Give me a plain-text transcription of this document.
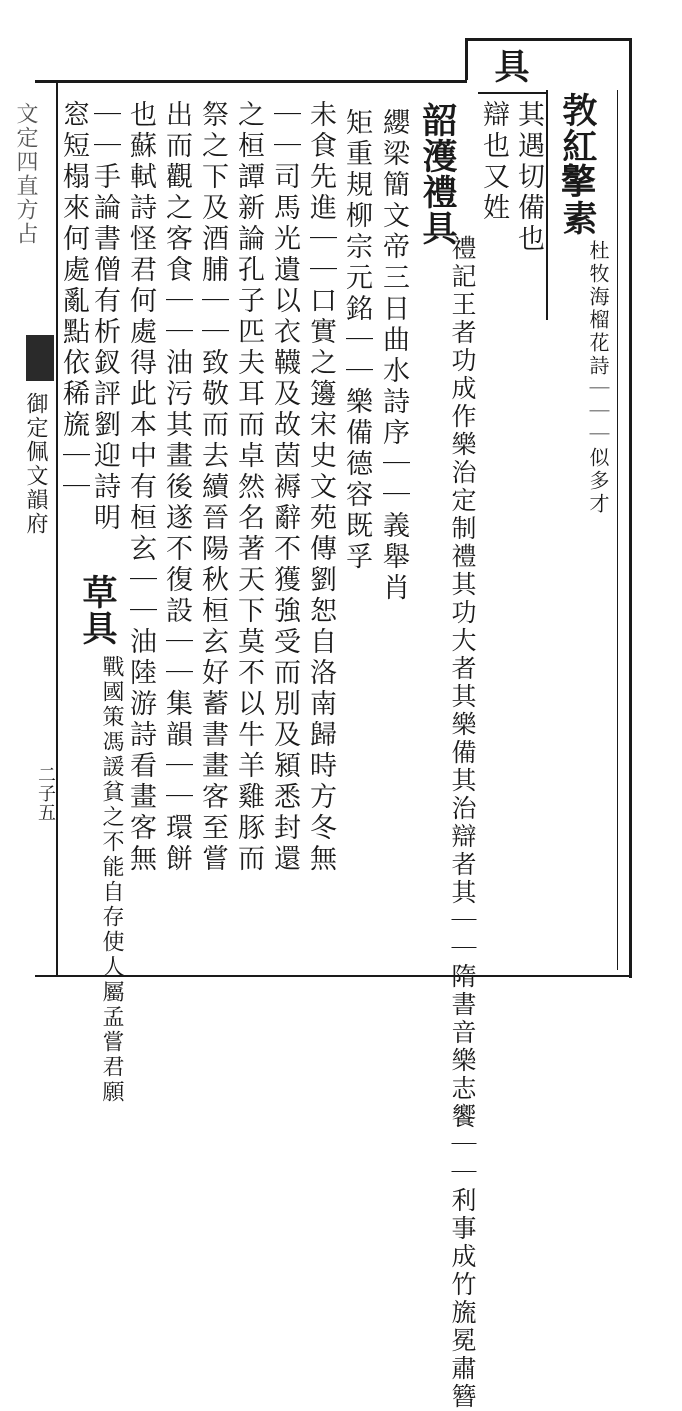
具
其遇切備也
辯也又姓 㪍紅𢶡素
杜牧海榴花詩｜｜｜似多才
韶濩禮具
禮記王者功成作樂治定制禮其功大者其樂備其治辯者其｜｜隋書音樂志饗｜｜利事成竹旒冕肅簪
纓梁簡文帝三日曲水詩序｜｜義舉肖
矩重規柳宗元銘｜｜樂備德容既孚
未食先進｜｜口實之籩宋史文苑傳劉恕自洛南歸時方冬無
｜｜司馬光遺以衣韈及故茵褥辭不獲強受而別及潁悉封還
之桓譚新論孔子匹夫耳而卓然名著天下莫不以牛羊雞豚而
祭之下及酒脯｜｜致敬而去續晉陽秋桓玄好蓄書畫客至嘗
出而觀之客食｜｜油污其畫後遂不復設｜｜集韻｜｜環餅
也蘇軾詩怪君何處得此本中有桓玄｜｜油陸游詩看畫客無
｜｜手論書僧有析釵評劉迎詩明
窓短榻來何處亂點依稀旒｜｜
草具
戰國策馮諼貧之不能自存使人屬孟嘗君願
文定四直方占
御定佩文韻府
二子五
